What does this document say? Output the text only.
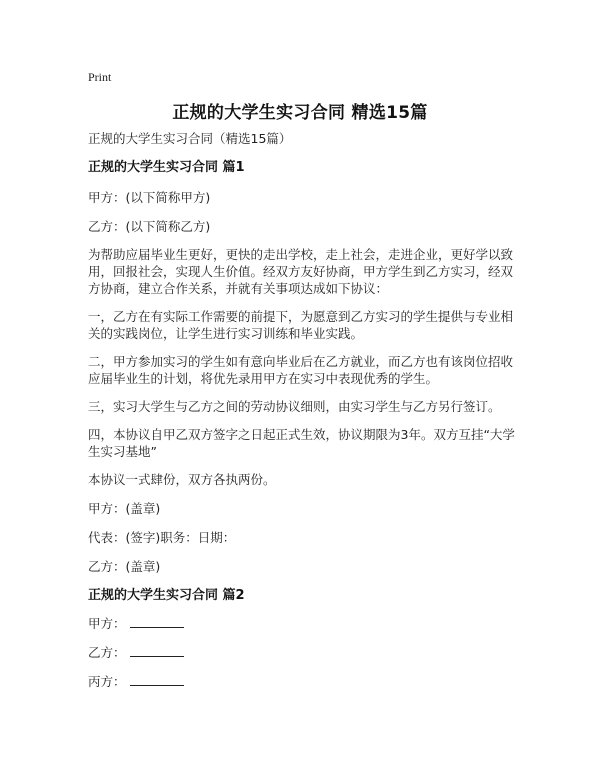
Print
正规的大学生实习合同 精选15篇

正规的大学生实习合同（精选15篇）

正规的大学生实习合同 篇1

甲方：(以下简称甲方)

乙方：(以下简称乙方)

为帮助应届毕业生更好，更快的走出学校，走上社会，走进企业，更好学以致用，回报社会，实现人生价值。经双方友好协商，甲方学生到乙方实习，经双方协商，建立合作关系，并就有关事项达成如下协议：

一，乙方在有实际工作需要的前提下，为愿意到乙方实习的学生提供与专业相关的实践岗位，让学生进行实习训练和毕业实践。

二，甲方参加实习的学生如有意向毕业后在乙方就业，而乙方也有该岗位招收应届毕业生的计划，将优先录用甲方在实习中表现优秀的学生。

三，实习大学生与乙方之间的劳动协议细则，由实习学生与乙方另行签订。

四，本协议自甲乙双方签字之日起正式生效，协议期限为3年。双方互挂“大学生实习基地”

本协议一式肆份，双方各执两份。

甲方：(盖章)

代表：(签字)职务：日期：

乙方：(盖章)

正规的大学生实习合同 篇2

甲方：

乙方：

丙方：
